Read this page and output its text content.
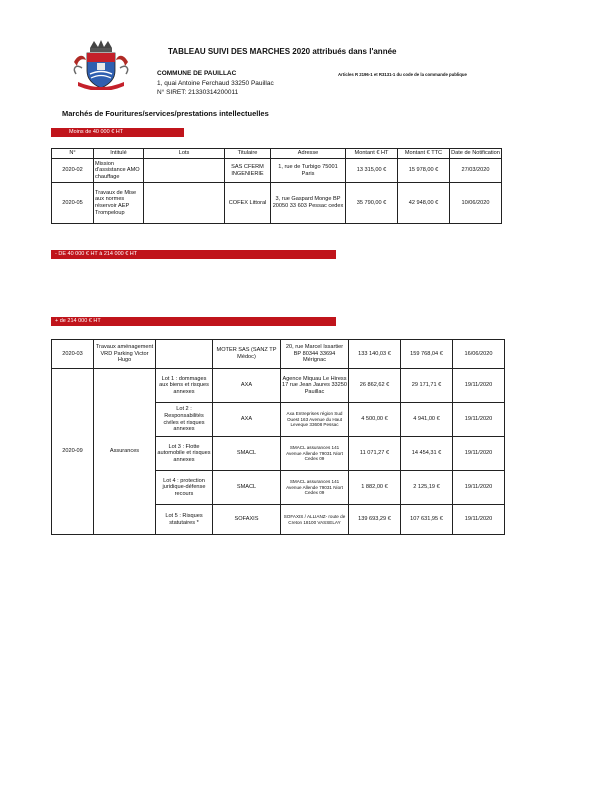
TABLEAU SUIVI DES MARCHES 2020 attribués dans l'année
COMMUNE DE PAUILLAC	Articles R 2196-1 et R3131-1 du code de la commande publique
1, quai Antoine Ferchaud 33250 Pauillac
N° SIRET: 21330314200011
Marchés de Fouritures/services/prestations intellectuelles
Moins de 40 000 € HT
N°	Intitulé	Lots	Titulaire	Adresse	Montant € HT	Montant € TTC	Date de Notification
2020-02	Mission d'assistance AMO chauffage		SAS CFERM INGENIERIE	1, rue de Turbigo 75001 Paris	13 315,00 €	15 978,00 €	27/03/2020
2020-05	Travaux de Mise aux normes réservoir AEP Trompeloup		COFEX Littoral	3, rue Gaspard Monge BP 20050 33 603 Pessac cedex	35 790,00 €	42 948,00 €	10/06/2020
- DE 40 000 € HT à 214 000 € HT
+ de 214 000 € HT
2020-03	Travaux aménagement VRD Parking Victor Hugo		MOTER SAS (SANZ TP Médoc)	20, rue Marcel Issartier BP 80344 33694 Mérignac	133 140,03 €	159 768,04 €	16/06/2020
2020-09	Assurances	Lot 1 : dommages aux biens et risques annexes	AXA	Agence Miquau Le Hiress 17 rue Jean Jaures 33250 Pauillac	26 862,62 €	29 171,71 €	19/11/2020
		Lot 2 : Responsabilités civiles et risques annexes	AXA	Axa Entreprises région Sud Ouest 163 Avenue du Haut Leveque 33608 Pessac	4 500,00 €	4 941,00 €	19/11/2020
		Lot 3 : Flotte automobile et risques annexes	SMACL	SMACL assurances 141 Avenue Allende 79031 Niort Cedex 09	11 071,27 €	14 454,31 €	19/11/2020
		Lot 4 : protection juridique-défense recours	SMACL	SMACL assurances 141 Avenue Allende 79031 Niort Cedex 09	1 882,00 €	2 125,19 €	19/11/2020
		Lot 5 : Risques statutaires *	SOFAXIS	SOFAXIS / ALLIANZ- route de Creton 18100 VASSELAY	139 693,29 €	107 631,95 €	19/11/2020
